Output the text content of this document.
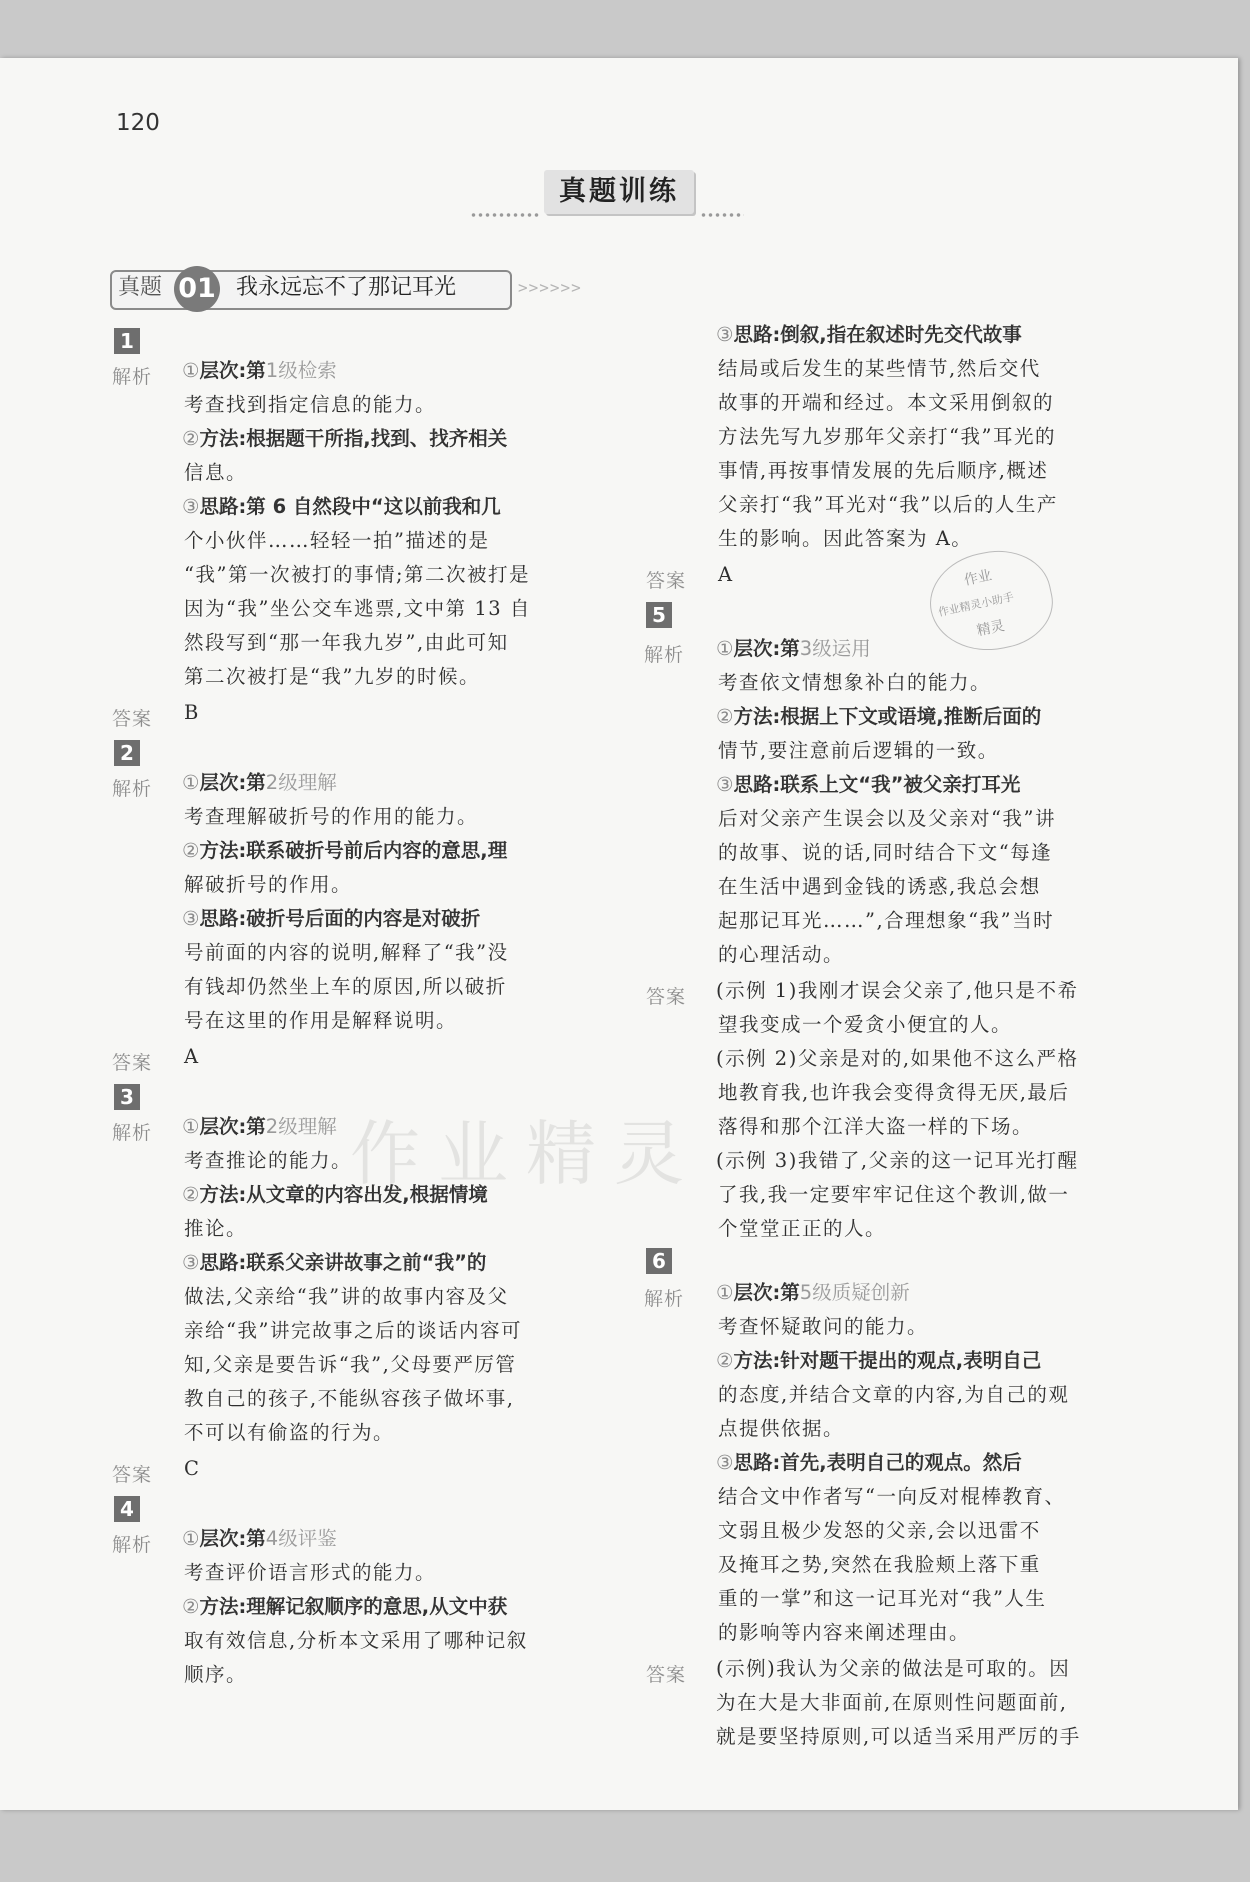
120
真题训练
真题 01 我永远忘不了那记耳光	>>>>>>
1
解析 ①层次:第1级检索
考查找到指定信息的能力。
②方法:根据题干所指,找到、找齐相关
信息。
③思路:第 6 自然段中“这以前我和几
个小伙伴……轻轻一拍”描述的是
“我”第一次被打的事情;第二次被打是
因为“我”坐公交车逃票,文中第 13 自
然段写到“那一年我九岁”,由此可知
第二次被打是“我”九岁的时候。
答案 B
2
解析 ①层次:第2级理解
考查理解破折号的作用的能力。
②方法:联系破折号前后内容的意思,理
解破折号的作用。
③思路:破折号后面的内容是对破折
号前面的内容的说明,解释了“我”没
有钱却仍然坐上车的原因,所以破折
号在这里的作用是解释说明。
答案 A
3
解析 ①层次:第2级理解
考查推论的能力。
②方法:从文章的内容出发,根据情境
推论。
③思路:联系父亲讲故事之前“我”的
做法,父亲给“我”讲的故事内容及父
亲给“我”讲完故事之后的谈话内容可
知,父亲是要告诉“我”,父母要严厉管
教自己的孩子,不能纵容孩子做坏事,
不可以有偷盗的行为。
答案 C
4
解析 ①层次:第4级评鉴
考查评价语言形式的能力。
②方法:理解记叙顺序的意思,从文中获
取有效信息,分析本文采用了哪种记叙
顺序。
③思路:倒叙,指在叙述时先交代故事
结局或后发生的某些情节,然后交代
故事的开端和经过。本文采用倒叙的
方法先写九岁那年父亲打“我”耳光的
事情,再按事情发展的先后顺序,概述
父亲打“我”耳光对“我”以后的人生产
生的影响。因此答案为 A。
答案 A	作业
作业精灵小助手
精灵
5
解析 ①层次:第3级运用
考查依文情想象补白的能力。
②方法:根据上下文或语境,推断后面的
情节,要注意前后逻辑的一致。
③思路:联系上文“我”被父亲打耳光
后对父亲产生误会以及父亲对“我”讲
的故事、说的话,同时结合下文“每逢
在生活中遇到金钱的诱惑,我总会想
起那记耳光……”,合理想象“我”当时
的心理活动。
答案 (示例 1)我刚才误会父亲了,他只是不希
望我变成一个爱贪小便宜的人。
(示例 2)父亲是对的,如果他不这么严格
地教育我,也许我会变得贪得无厌,最后
落得和那个江洋大盗一样的下场。
(示例 3)我错了,父亲的这一记耳光打醒
了我,我一定要牢牢记住这个教训,做一
个堂堂正正的人。
6
解析 ①层次:第5级质疑创新
考查怀疑敢问的能力。
②方法:针对题干提出的观点,表明自己
的态度,并结合文章的内容,为自己的观
点提供依据。
③思路:首先,表明自己的观点。然后
结合文中作者写“一向反对棍棒教育、
文弱且极少发怒的父亲,会以迅雷不
及掩耳之势,突然在我脸颊上落下重
重的一掌”和这一记耳光对“我”人生
的影响等内容来阐述理由。
答案 (示例)我认为父亲的做法是可取的。因
为在大是大非面前,在原则性问题面前,
就是要坚持原则,可以适当采用严厉的手
作业精灵
